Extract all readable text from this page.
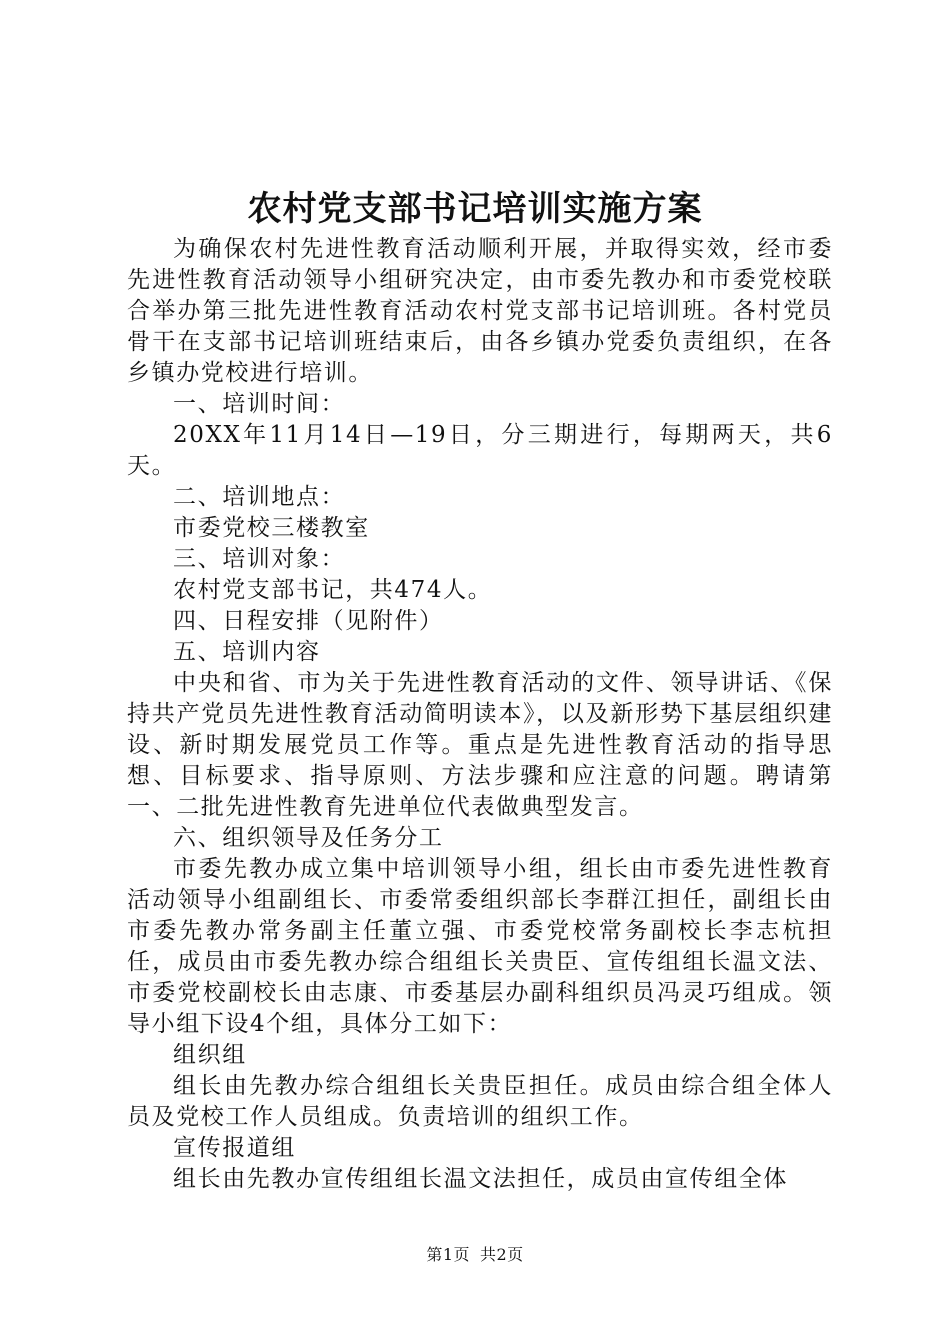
农村党支部书记培训实施方案

为确保农村先进性教育活动顺利开展，并取得实效，经市委先进性教育活动领导小组研究决定，由市委先教办和市委党校联合举办第三批先进性教育活动农村党支部书记培训班。各村党员骨干在支部书记培训班结束后，由各乡镇办党委负责组织，在各乡镇办党校进行培训。

一、培训时间：

20XX年11月14日—19日，分三期进行，每期两天，共6天。

二、培训地点：

市委党校三楼教室

三、培训对象：

农村党支部书记，共474人。

四、日程安排（见附件）

五、培训内容

中央和省、市为关于先进性教育活动的文件、领导讲话、《保持共产党员先进性教育活动简明读本》，以及新形势下基层组织建设、新时期发展党员工作等。重点是先进性教育活动的指导思想、目标要求、指导原则、方法步骤和应注意的问题。聘请第一、二批先进性教育先进单位代表做典型发言。

六、组织领导及任务分工

市委先教办成立集中培训领导小组，组长由市委先进性教育活动领导小组副组长、市委常委组织部长李群江担任，副组长由市委先教办常务副主任董立强、市委党校常务副校长李志杭担任，成员由市委先教办综合组组长关贵臣、宣传组组长温文法、市委党校副校长由志康、市委基层办副科组织员冯灵巧组成。领导小组下设4个组，具体分工如下：

组织组

组长由先教办综合组组长关贵臣担任。成员由综合组全体人员及党校工作人员组成。负责培训的组织工作。

宣传报道组

组长由先教办宣传组组长温文法担任，成员由宣传组全体

第1页 共2页
